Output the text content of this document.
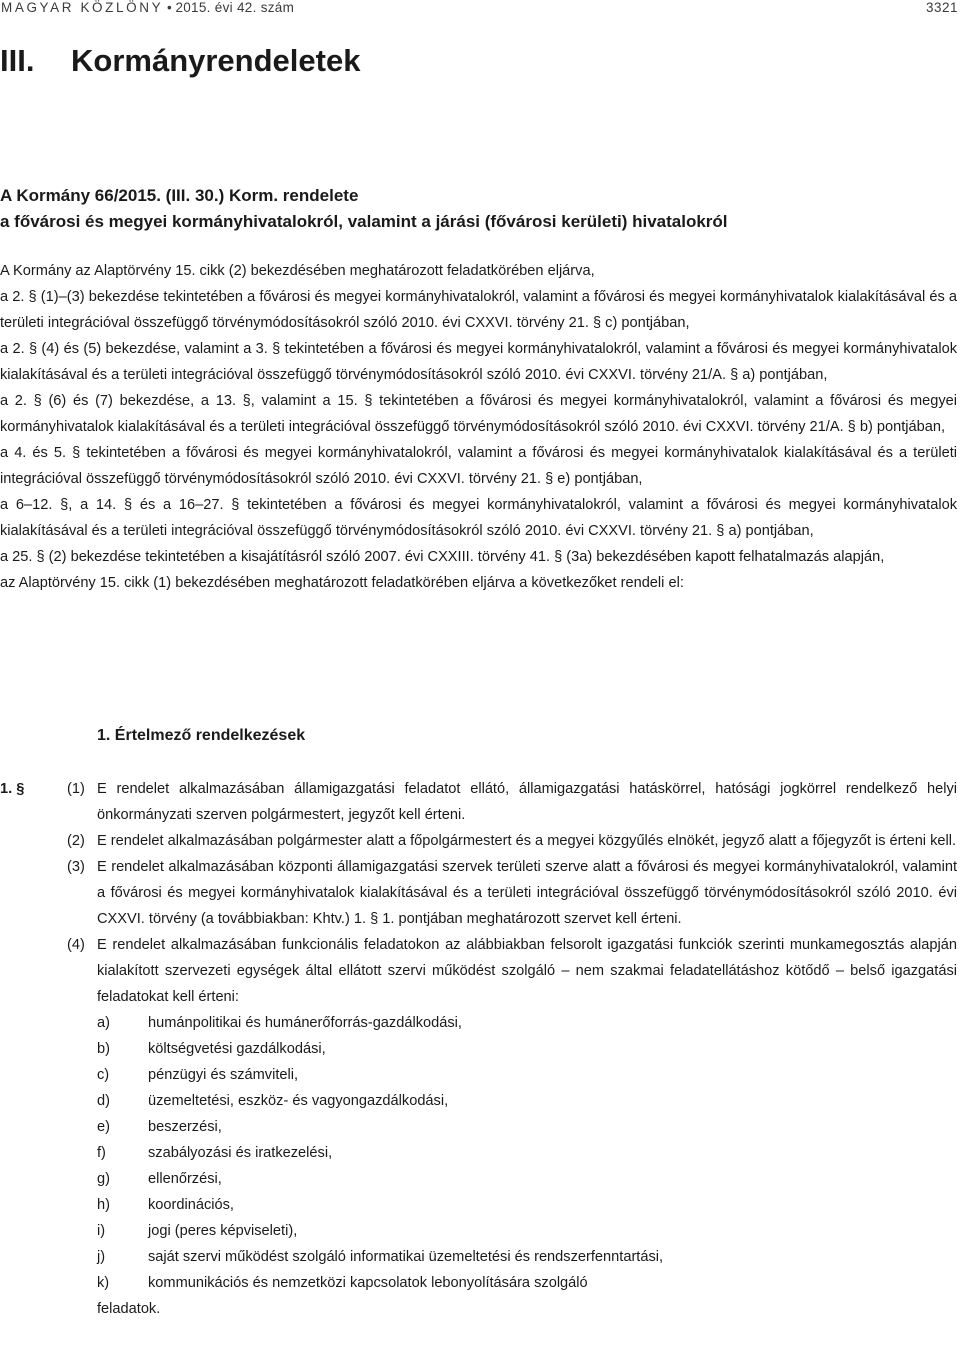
MAGYAR KÖZLÖNY • 2015. évi 42. szám	3321
III. Kormányrendeletek
A Kormány 66/2015. (III. 30.) Korm. rendelete
a fővárosi és megyei kormányhivatalokról, valamint a járási (fővárosi kerületi) hivatalokról

A Kormány az Alaptörvény 15. cikk (2) bekezdésében meghatározott feladatkörében eljárva,

a 2. § (1)–(3) bekezdése tekintetében a fővárosi és megyei kormányhivatalokról, valamint a fővárosi és megyei kormányhivatalok kialakításával és a területi integrációval összefüggő törvénymódosításokról szóló 2010. évi CXXVI. törvény 21. § c) pontjában,

a 2. § (4) és (5) bekezdése, valamint a 3. § tekintetében a fővárosi és megyei kormányhivatalokról, valamint a fővárosi és megyei kormányhivatalok kialakításával és a területi integrációval összefüggő törvénymódosításokról szóló 2010. évi CXXVI. törvény 21/A. § a) pontjában,

a 2. § (6) és (7) bekezdése, a 13. §, valamint a 15. § tekintetében a fővárosi és megyei kormányhivatalokról, valamint a fővárosi és megyei kormányhivatalok kialakításával és a területi integrációval összefüggő törvénymódosításokról szóló 2010. évi CXXVI. törvény 21/A. § b) pontjában,

a 4. és 5. § tekintetében a fővárosi és megyei kormányhivatalokról, valamint a fővárosi és megyei kormányhivatalok kialakításával és a területi integrációval összefüggő törvénymódosításokról szóló 2010. évi CXXVI. törvény 21. § e) pontjában,

a 6–12. §, a 14. § és a 16–27. § tekintetében a fővárosi és megyei kormányhivatalokról, valamint a fővárosi és megyei kormányhivatalok kialakításával és a területi integrációval összefüggő törvénymódosításokról szóló 2010. évi CXXVI. törvény 21. § a) pontjában,

a 25. § (2) bekezdése tekintetében a kisajátításról szóló 2007. évi CXXIII. törvény 41. § (3a) bekezdésében kapott felhatalmazás alapján,

az Alaptörvény 15. cikk (1) bekezdésében meghatározott feladatkörében eljárva a következőket rendeli el:

1. Értelmező rendelkezések
1. §	(1) E rendelet alkalmazásában államigazgatási feladatot ellátó, államigazgatási hatáskörrel, hatósági jogkörrel rendelkező helyi önkormányzati szerven polgármestert, jegyzőt kell érteni.
(2) E rendelet alkalmazásában polgármester alatt a főpolgármestert és a megyei közgyűlés elnökét, jegyző alatt a főjegyzőt is érteni kell.
(3) E rendelet alkalmazásában központi államigazgatási szervek területi szerve alatt a fővárosi és megyei kormányhivatalokról, valamint a fővárosi és megyei kormányhivatalok kialakításával és a területi integrációval összefüggő törvénymódosításokról szóló 2010. évi CXXVI. törvény (a továbbiakban: Khtv.) 1. § 1. pontjában meghatározott szervet kell érteni.
(4) E rendelet alkalmazásában funkcionális feladatokon az alábbiakban felsorolt igazgatási funkciók szerinti munkamegosztás alapján kialakított szervezeti egységek által ellátott szervi működést szolgáló – nem szakmai feladatellátáshoz kötődő – belső igazgatási feladatokat kell érteni:
a)	humánpolitikai és humánerőforrás-gazdálkodási,
b)	költségvetési gazdálkodási,
c)	pénzügyi és számviteli,
d)	üzemeltetési, eszköz- és vagyongazdálkodási,
e)	beszerzési,
f)	szabályozási és iratkezelési,
g)	ellenőrzési,
h)	koordinációs,
i)	jogi (peres képviseleti),
j)	saját szervi működést szolgáló informatikai üzemeltetési és rendszerfenntartási,
k)	kommunikációs és nemzetközi kapcsolatok lebonyolítására szolgáló

feladatok.
